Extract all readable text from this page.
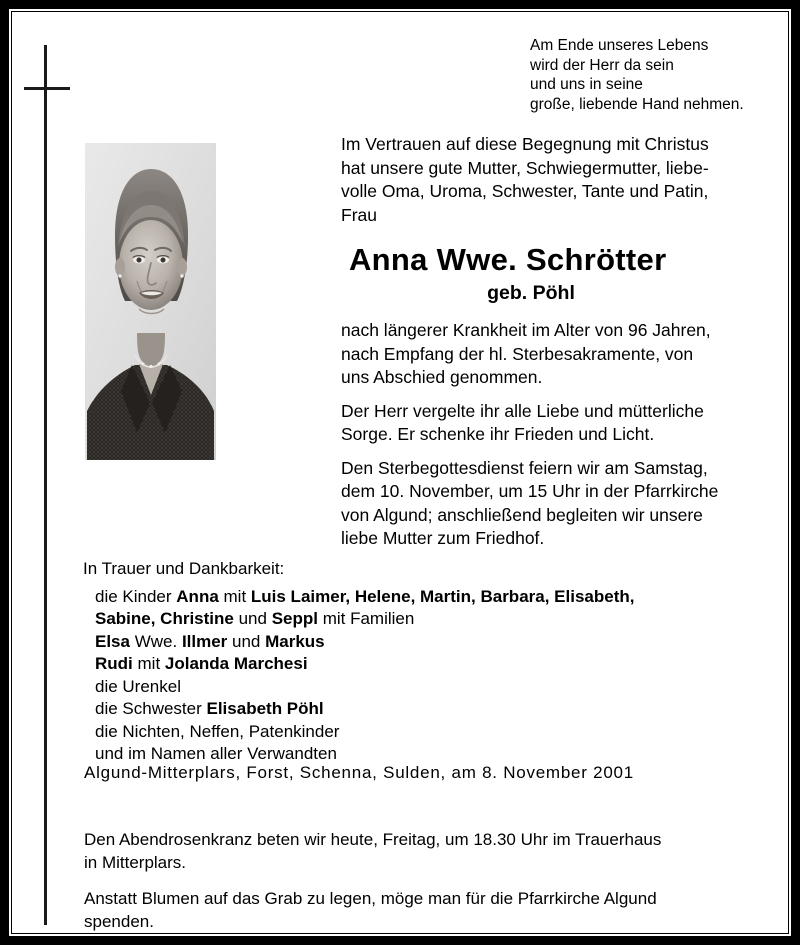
Am Ende unseres Lebens
wird der Herr da sein
und uns in seine
große, liebende Hand nehmen.
Im Vertrauen auf diese Begegnung mit Christus
hat unsere gute Mutter, Schwiegermutter, liebe-
volle Oma, Uroma, Schwester, Tante und Patin,
Frau
Anna Wwe. Schrötter
geb. Pöhl
nach längerer Krankheit im Alter von 96 Jahren,
nach Empfang der hl. Sterbesakramente, von
uns Abschied genommen.
Der Herr vergelte ihr alle Liebe und mütterliche
Sorge. Er schenke ihr Frieden und Licht.
Den Sterbegottesdienst feiern wir am Samstag,
dem 10. November, um 15 Uhr in der Pfarrkirche
von Algund; anschließend begleiten wir unsere
liebe Mutter zum Friedhof.
In Trauer und Dankbarkeit:
die Kinder Anna mit Luis Laimer, Helene, Martin, Barbara, Elisabeth,
Sabine, Christine und Seppl mit Familien
Elsa Wwe. Illmer und Markus
Rudi mit Jolanda Marchesi
die Urenkel
die Schwester Elisabeth Pöhl
die Nichten, Neffen, Patenkinder
und im Namen aller Verwandten
Algund-Mitterplars, Forst, Schenna, Sulden, am 8. November 2001

Den Abendrosenkranz beten wir heute, Freitag, um 18.30 Uhr im Trauerhaus
in Mitterplars.

Anstatt Blumen auf das Grab zu legen, möge man für die Pfarrkirche Algund
spenden.
